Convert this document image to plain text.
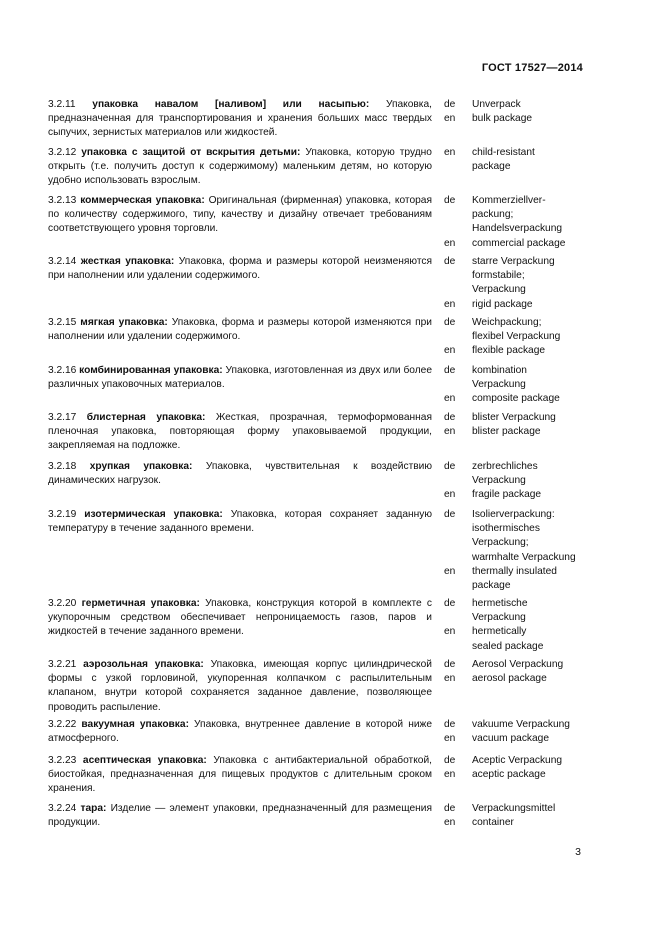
ГОСТ 17527—2014
3.2.11 упаковка навалом [наливом] или насыпью: Упаковка, предназначенная для транспортирования и хранения больших масс твердых сыпучих, зернистых материалов или жидкостей.
de	Unverpack
en	bulk package
3.2.12 упаковка с защитой от вскрытия детьми: Упаковка, которую трудно открыть (т.е. получить доступ к содержимому) маленьким детям, но которую удобно использовать взрослым.
en	child-resistant
package
3.2.13 коммерческая упаковка: Оригинальная (фирменная) упаковка, которая по количеству содержимого, типу, качеству и дизайну отвечает требованиям соответствующего уровня торговли.
de	Kommerziellver-
packung;
Handelsverpackung
en	commercial package
3.2.14 жесткая упаковка: Упаковка, форма и размеры которой неизменяются при наполнении или удалении содержимого.
de	starre Verpackung
formstabile;
Verpackung
en	rigid package
3.2.15 мягкая упаковка: Упаковка, форма и размеры которой изменяются при наполнении или удалении содержимого.
de	Weichpackung;
flexibel Verpackung
en	flexible package
3.2.16 комбинированная упаковка: Упаковка, изготовленная из двух или более различных упаковочных материалов.
de	kombination
Verpackung
en	composite package
3.2.17 блистерная упаковка: Жесткая, прозрачная, термоформованная пленочная упаковка, повторяющая форму упаковываемой продукции, закрепляемая на подложке.
de	blister Verpackung
en	blister package
3.2.18 хрупкая упаковка: Упаковка, чувствительная к воздействию динамических нагрузок.
de	zerbrechliches
Verpackung
en	fragile package
3.2.19 изотермическая упаковка: Упаковка, которая сохраняет заданную температуру в течение заданного времени.
de	Isolierverpackung:
isothermisches
Verpackung;
warmhalte Verpackung
en	thermally insulated
package
3.2.20 герметичная упаковка: Упаковка, конструкция которой в комплекте с укупорочным средством обеспечивает непроницаемость газов, паров и жидкостей в течение заданного времени.
de	hermetische
Verpackung
en	hermetically
sealed package
3.2.21 аэрозольная упаковка: Упаковка, имеющая корпус цилиндрической формы с узкой горловиной, укупоренная колпачком с распылительным клапаном, внутри которой сохраняется заданное давление, позволяющее проводить распыление.
de	Aerosol Verpackung
en	aerosol package
3.2.22 вакуумная упаковка: Упаковка, внутреннее давление в которой ниже атмосферного.
de	vakuume Verpackung
en	vacuum package
3.2.23 асептическая упаковка: Упаковка с антибактериальной обработкой, биостойкая, предназначенная для пищевых продуктов с длительным сроком хранения.
de	Aceptic Verpackung
en	aceptic package
3.2.24 тара: Изделие — элемент упаковки, предназначенный для размещения продукции.
de	Verpackungsmittel
en	container
3
